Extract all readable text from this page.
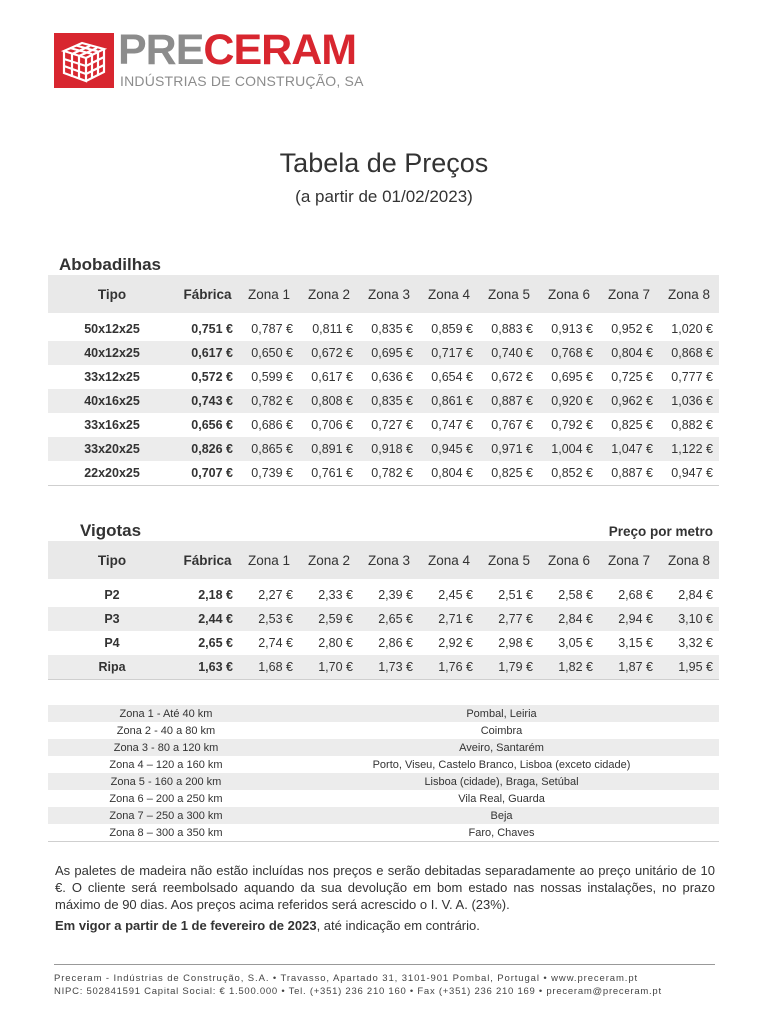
PRECERAM
INDÚSTRIAS DE CONSTRUÇÃO, SA
Tabela de Preços
(a partir de 01/02/2023)
Abobadilhas
Tipo	Fábrica	Zona 1	Zona 2	Zona 3	Zona 4	Zona 5	Zona 6	Zona 7	Zona 8

50x12x25	0,751 €	0,787 €	0,811 €	0,835 €	0,859 €	0,883 €	0,913 €	0,952 €	1,020 €
40x12x25	0,617 €	0,650 €	0,672 €	0,695 €	0,717 €	0,740 €	0,768 €	0,804 €	0,868 €
33x12x25	0,572 €	0,599 €	0,617 €	0,636 €	0,654 €	0,672 €	0,695 €	0,725 €	0,777 €
40x16x25	0,743 €	0,782 €	0,808 €	0,835 €	0,861 €	0,887 €	0,920 €	0,962 €	1,036 €
33x16x25	0,656 €	0,686 €	0,706 €	0,727 €	0,747 €	0,767 €	0,792 €	0,825 €	0,882 €
33x20x25	0,826 €	0,865 €	0,891 €	0,918 €	0,945 €	0,971 €	1,004 €	1,047 €	1,122 €
22x20x25	0,707 €	0,739 €	0,761 €	0,782 €	0,804 €	0,825 €	0,852 €	0,887 €	0,947 €
Vigotas	Preço por metro
Tipo	Fábrica	Zona 1	Zona 2	Zona 3	Zona 4	Zona 5	Zona 6	Zona 7	Zona 8

P2	2,18 €	2,27 €	2,33 €	2,39 €	2,45 €	2,51 €	2,58 €	2,68 €	2,84 €
P3	2,44 €	2,53 €	2,59 €	2,65 €	2,71 €	2,77 €	2,84 €	2,94 €	3,10 €
P4	2,65 €	2,74 €	2,80 €	2,86 €	2,92 €	2,98 €	3,05 €	3,15 €	3,32 €
Ripa	1,63 €	1,68 €	1,70 €	1,73 €	1,76 €	1,79 €	1,82 €	1,87 €	1,95 €
Zona 1 - Até 40 km	Pombal, Leiria
Zona 2 - 40 a 80 km	Coimbra
Zona 3 - 80 a 120 km	Aveiro, Santarém
Zona 4 – 120 a 160 km	Porto, Viseu, Castelo Branco, Lisboa (exceto cidade)
Zona 5 - 160 a 200 km	Lisboa (cidade), Braga, Setúbal
Zona 6 – 200 a 250 km	Vila Real, Guarda
Zona 7 – 250 a 300 km	Beja
Zona 8 – 300 a 350 km	Faro, Chaves
As paletes de madeira não estão incluídas nos preços e serão debitadas separadamente ao preço unitário de 10 €. O cliente será reembolsado aquando da sua devolução em bom estado nas nossas instalações, no prazo máximo de 90 dias. Aos preços acima referidos será acrescido o I. V. A. (23%).
Em vigor a partir de 1 de fevereiro de 2023, até indicação em contrário.
Preceram - Indústrias de Construção, S.A. • Travasso, Apartado 31, 3101-901 Pombal, Portugal • www.preceram.pt
NIPC: 502841591 Capital Social: € 1.500.000 • Tel. (+351) 236 210 160 • Fax (+351) 236 210 169 • preceram@preceram.pt
